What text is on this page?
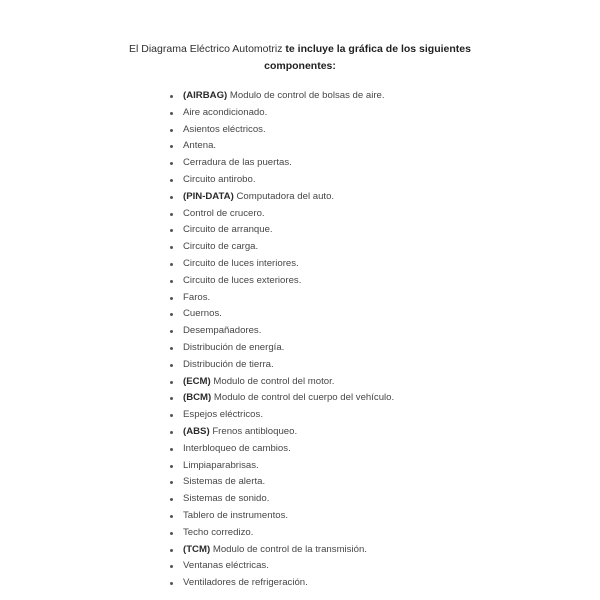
El Diagrama Eléctrico Automotriz te incluye la gráfica de los siguientes
componentes:
(AIRBAG) Modulo de control de bolsas de aire.
Aire acondicionado.
Asientos eléctricos.
Antena.
Cerradura de las puertas.
Circuito antirobo.
(PIN-DATA) Computadora del auto.
Control de crucero.
Circuito de arranque.
Circuito de carga.
Circuito de luces interiores.
Circuito de luces exteriores.
Faros.
Cuernos.
Desempañadores.
Distribución de energía.
Distribución de tierra.
(ECM) Modulo de control del motor.
(BCM) Modulo de control del cuerpo del vehículo.
Espejos eléctricos.
(ABS) Frenos antibloqueo.
Interbloqueo de cambios.
Limpiaparabrisas.
Sistemas de alerta.
Sistemas de sonido.
Tablero de instrumentos.
Techo corredizo.
(TCM) Modulo de control de la transmisión.
Ventanas eléctricas.
Ventiladores de refrigeración.
